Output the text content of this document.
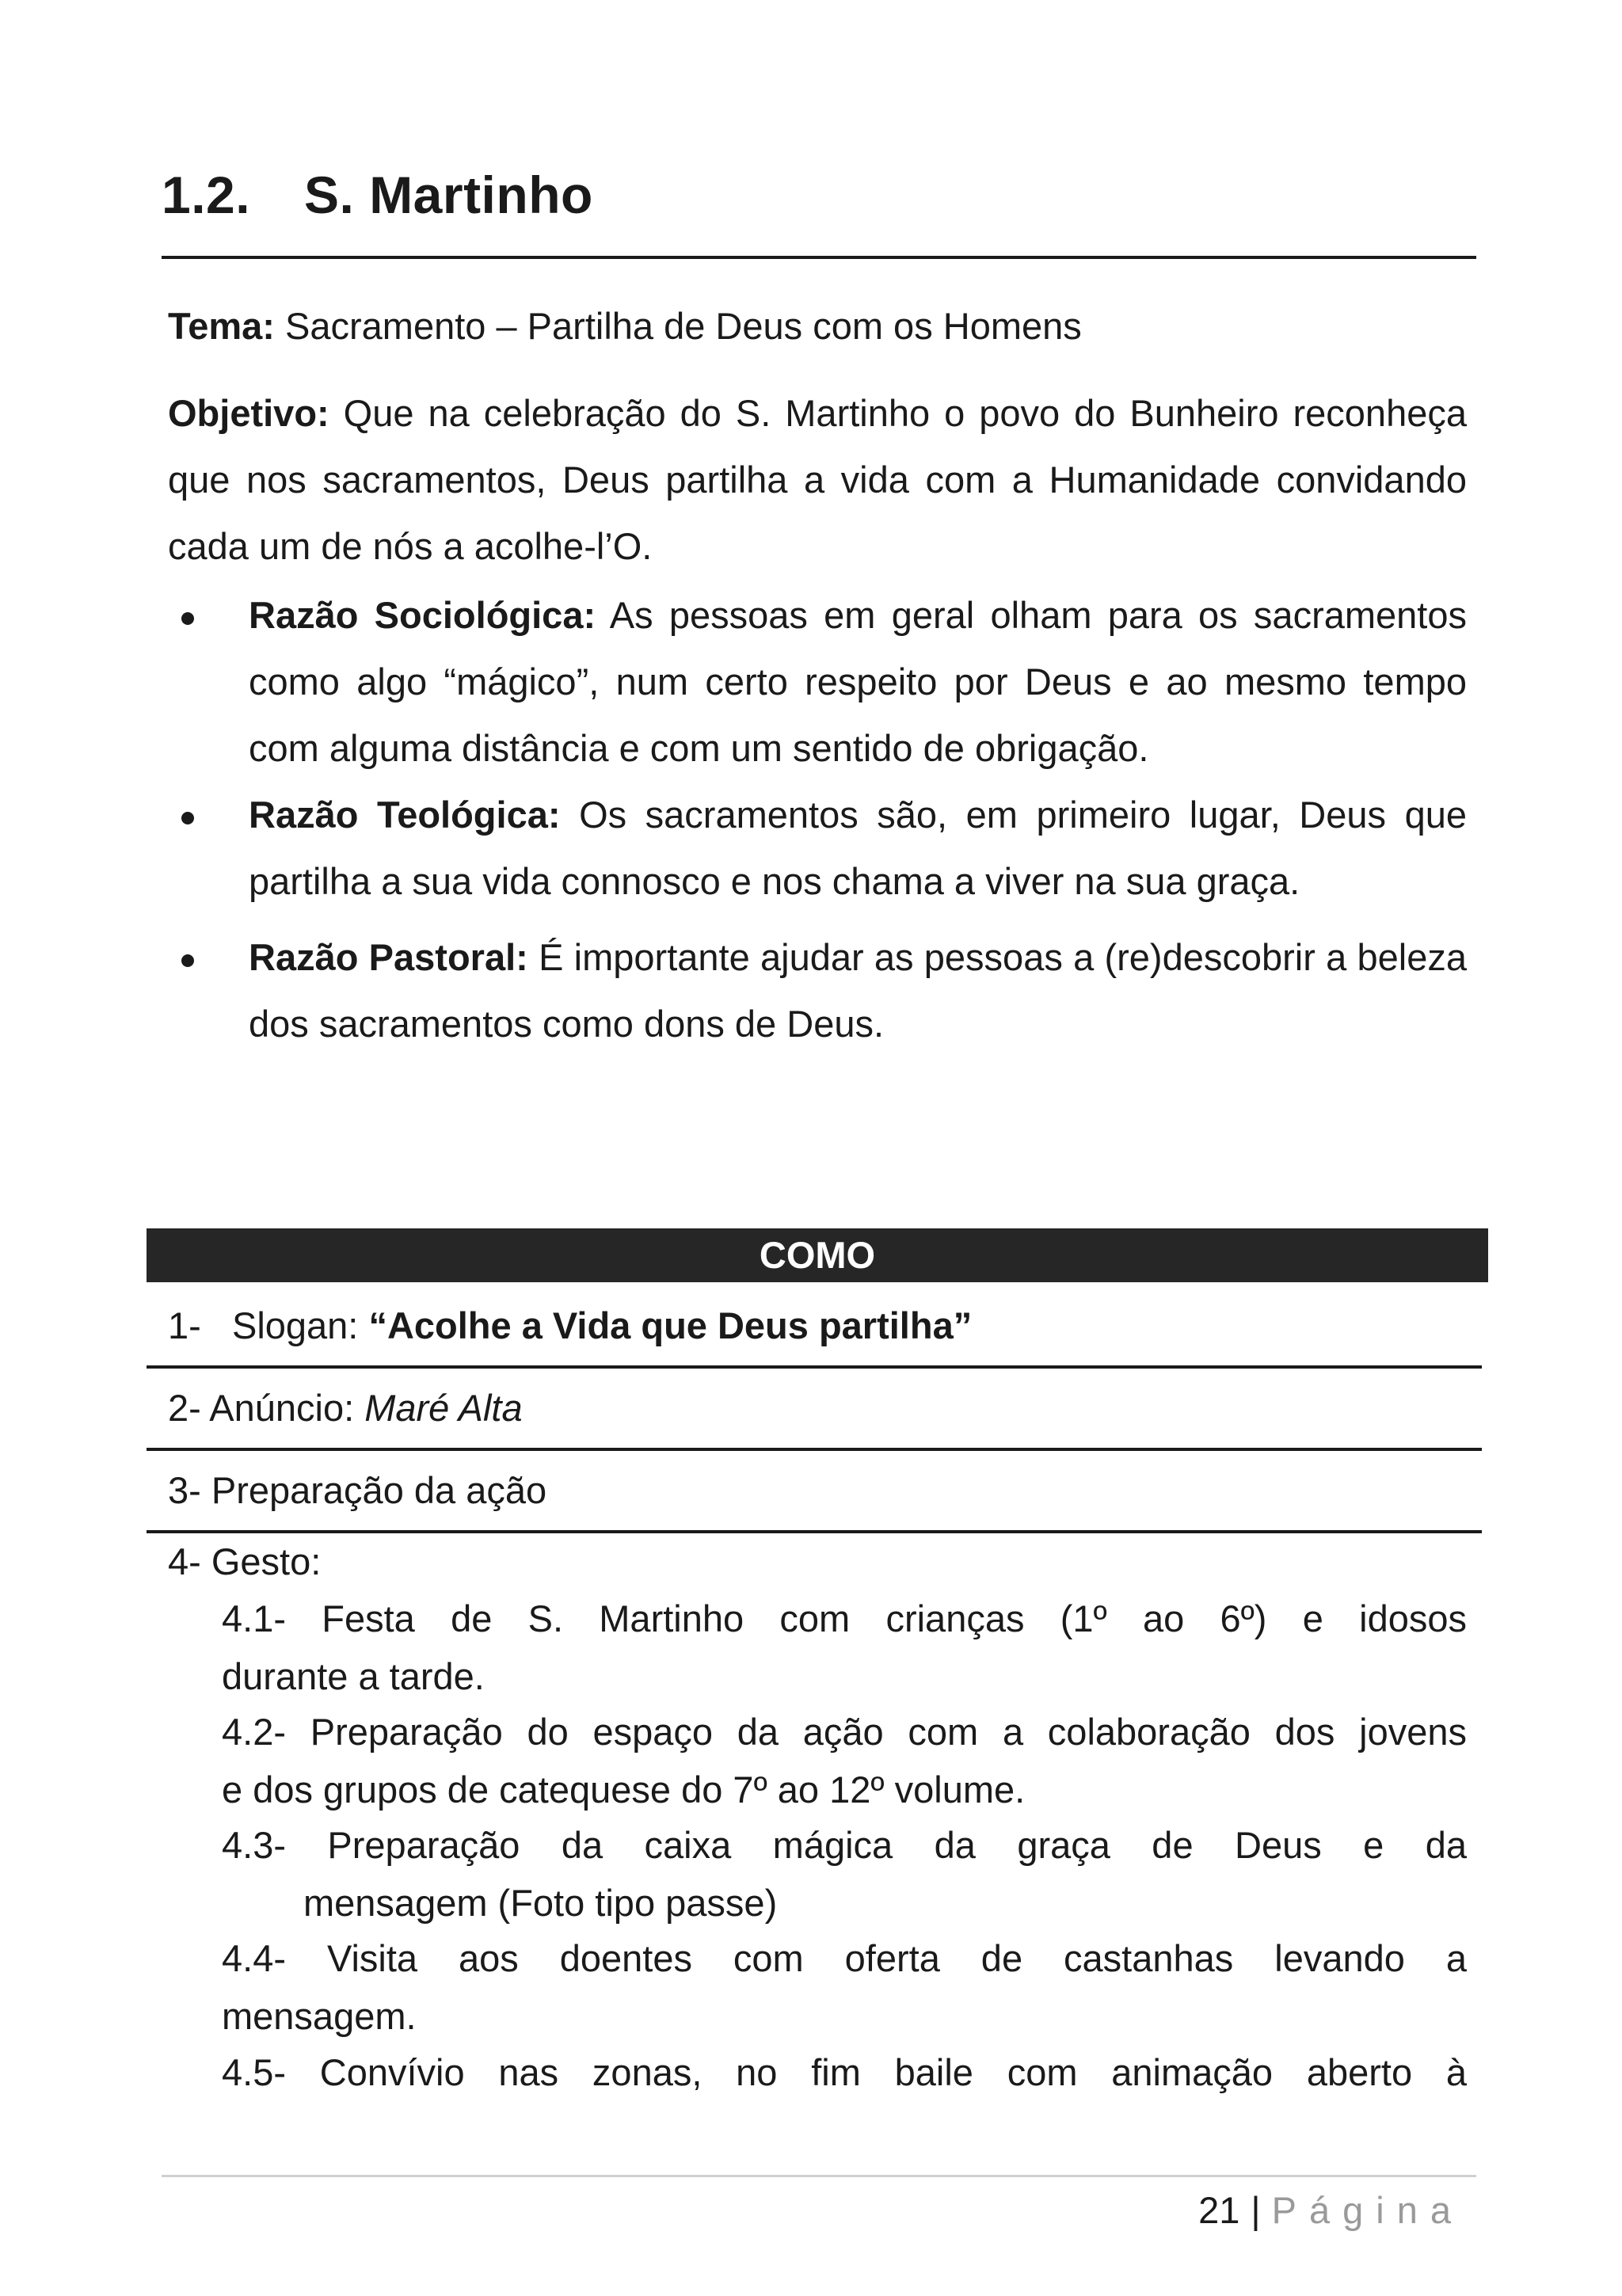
1.2. S. Martinho
Tema: Sacramento – Partilha de Deus com os Homens
Objetivo: Que na celebração do S. Martinho o povo do Bunheiro reconheça que nos sacramentos, Deus partilha a vida com a Humanidade convidando cada um de nós a acolhe-l’O.
Razão Sociológica: As pessoas em geral olham para os sacramentos como algo “mágico”, num certo respeito por Deus e ao mesmo tempo com alguma distância e com um sentido de obrigação.
Razão Teológica: Os sacramentos são, em primeiro lugar, Deus que partilha a sua vida connosco e nos chama a viver na sua graça.
Razão Pastoral: É importante ajudar as pessoas a (re)descobrir a beleza dos sacramentos como dons de Deus.
COMO
1-   Slogan: “Acolhe a Vida que Deus partilha”
2- Anúncio: Maré Alta
3- Preparação da ação
4- Gesto:
4.1- Festa de S. Martinho com crianças (1º ao 6º) e idosos
durante a tarde.
4.2- Preparação do espaço da ação com a colaboração dos jovens
e dos grupos de catequese do 7º ao 12º volume.
4.3- Preparação da caixa mágica da graça de Deus e da
mensagem (Foto tipo passe)
4.4- Visita aos doentes com oferta de castanhas levando a
mensagem.
4.5- Convívio nas zonas, no fim baile com animação aberto à
21 | Página
